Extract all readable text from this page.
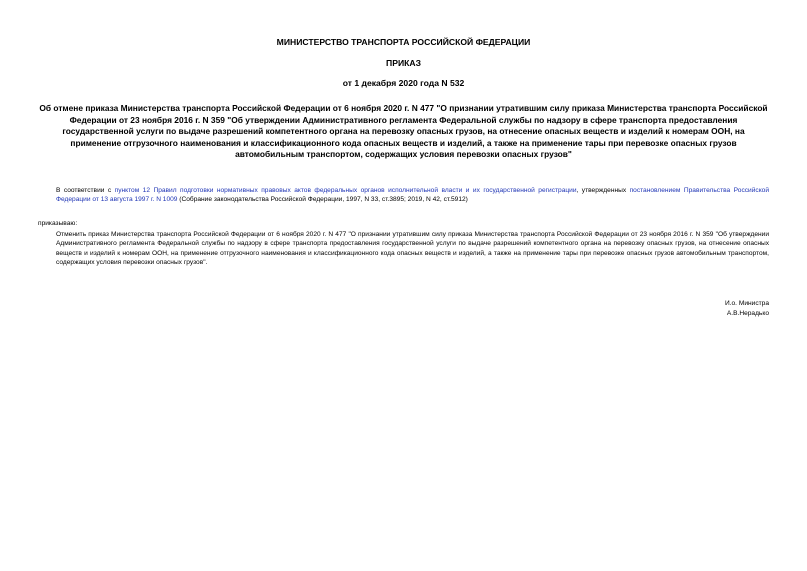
МИНИСТЕРСТВО ТРАНСПОРТА РОССИЙСКОЙ ФЕДЕРАЦИИ
ПРИКАЗ
от 1 декабря 2020 года N 532
Об отмене приказа Министерства транспорта Российской Федерации от 6 ноября 2020 г. N 477 "О признании утратившим силу приказа Министерства транспорта Российской Федерации от 23 ноября 2016 г. N 359 "Об утверждении Административного регламента Федеральной службы по надзору в сфере транспорта предоставления государственной услуги по выдаче разрешений компетентного органа на перевозку опасных грузов, на отнесение опасных веществ и изделий к номерам ООН, на применение отгрузочного наименования и классификационного кода опасных веществ и изделий, а также на применение тары при перевозке опасных грузов автомобильным транспортом, содержащих условия перевозки опасных грузов"
В соответствии с пунктом 12 Правил подготовки нормативных правовых актов федеральных органов исполнительной власти и их государственной регистрации, утвержденных постановлением Правительства Российской Федерации от 13 августа 1997 г. N 1009 (Собрание законодательства Российской Федерации, 1997, N 33, ст.3895; 2019, N 42, ст.5912)
приказываю:
Отменить приказ Министерства транспорта Российской Федерации от 6 ноября 2020 г. N 477 "О признании утратившим силу приказа Министерства транспорта Российской Федерации от 23 ноября 2016 г. N 359 "Об утверждении Административного регламента Федеральной службы по надзору в сфере транспорта предоставления государственной услуги по выдаче разрешений компетентного органа на перевозку опасных грузов, на отнесение опасных веществ и изделий к номерам ООН, на применение отгрузочного наименования и классификационного кода опасных веществ и изделий, а также на применение тары при перевозке опасных грузов автомобильным транспортом, содержащих условия перевозки опасных грузов".
И.о. Министра
А.В.Нерадько
